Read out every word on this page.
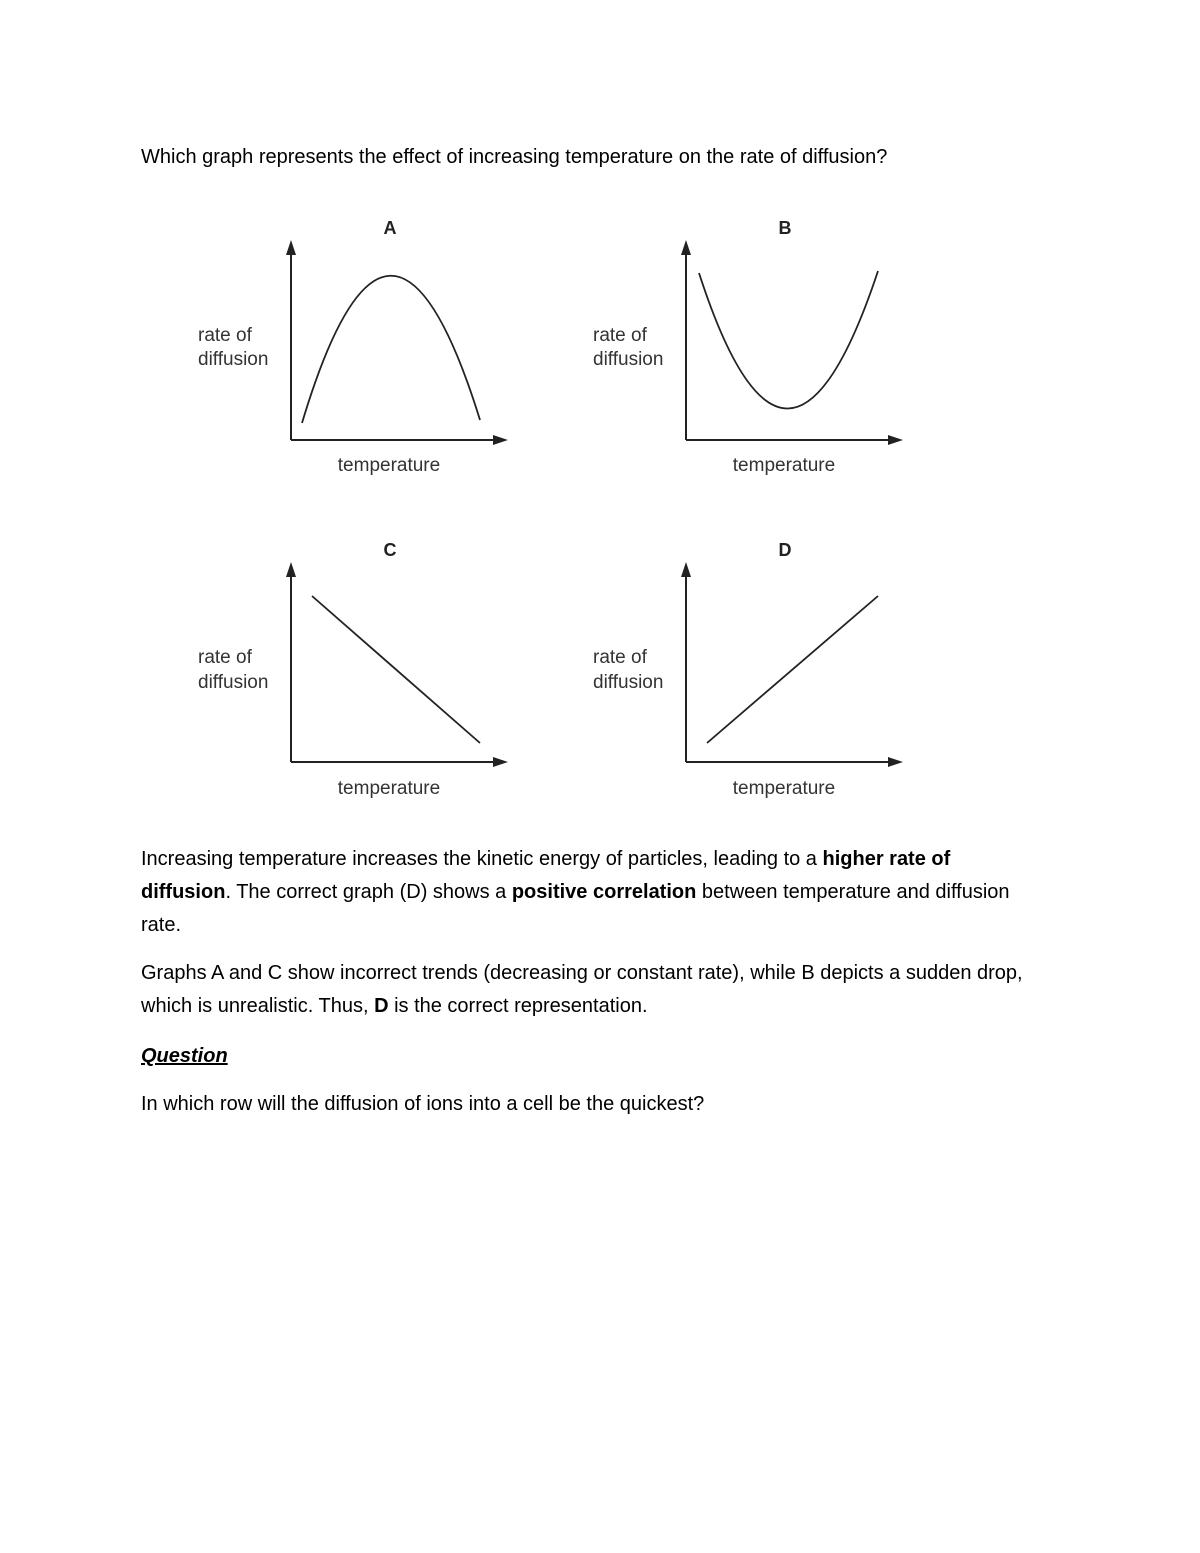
Which graph represents the effect of increasing temperature on the rate of diffusion?

A
rate of
diffusion
temperature
B
rate of
diffusion
temperature
C
rate of
diffusion
temperature
D
rate of
diffusion
temperature

Increasing temperature increases the kinetic energy of particles, leading to a higher rate of diffusion. The correct graph (D) shows a positive correlation between temperature and diffusion rate.

Graphs A and C show incorrect trends (decreasing or constant rate), while B depicts a sudden drop, which is unrealistic. Thus, D is the correct representation.

Question

In which row will the diffusion of ions into a cell be the quickest?
